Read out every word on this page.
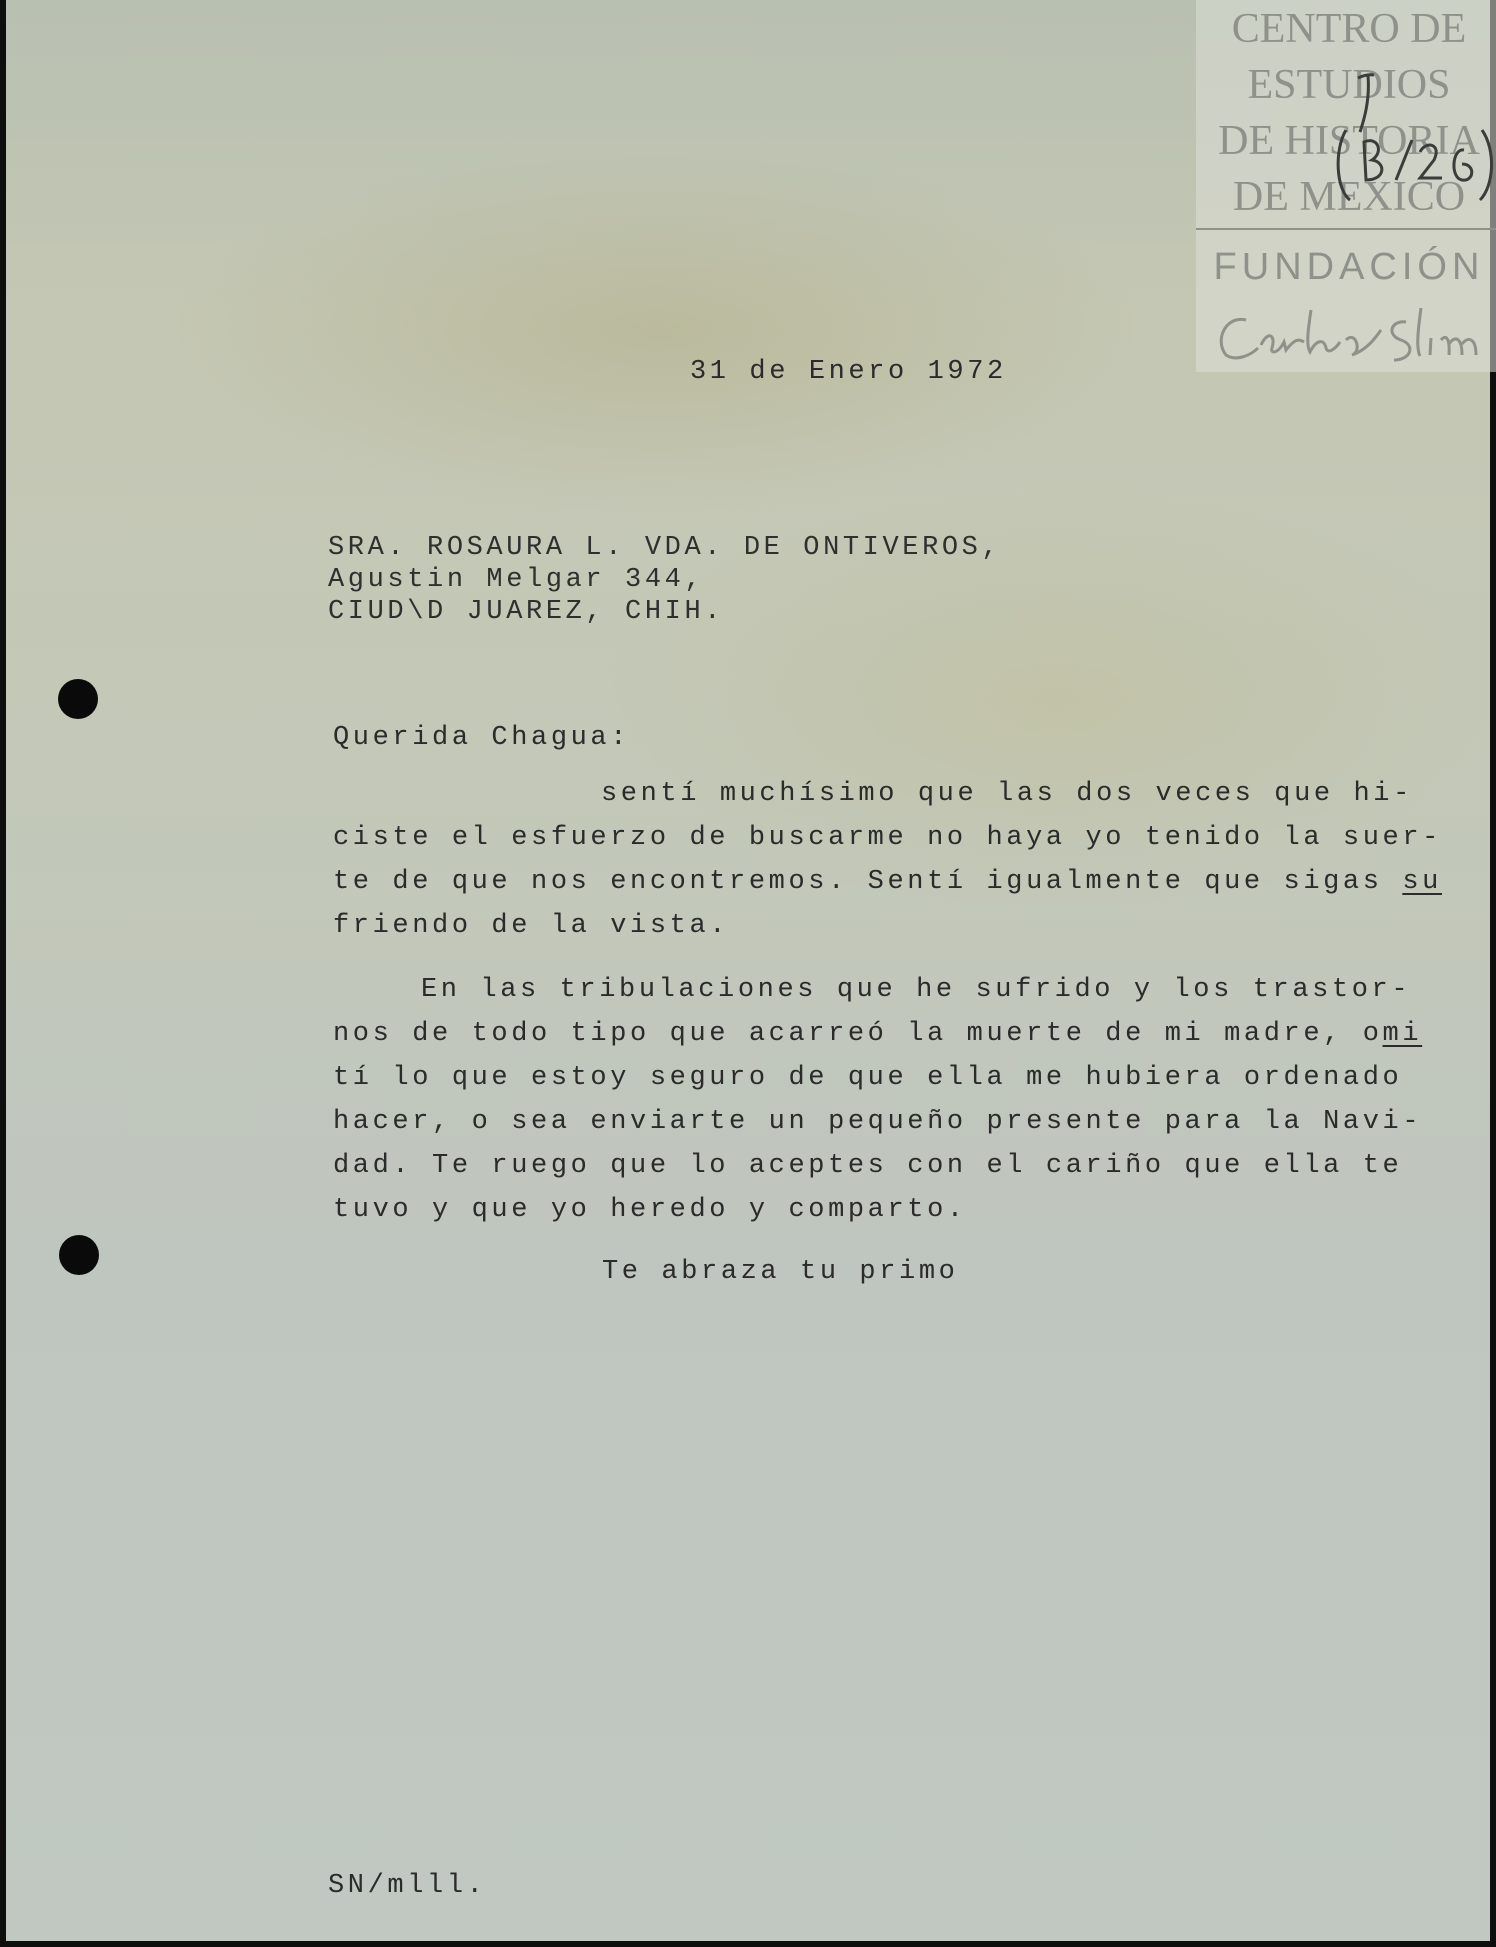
CENTRO DE
ESTUDIOS
DE HISTORIA
DE MEXICO
FUNDACIÓN
31 de Enero 1972
SRA. ROSAURA L. VDA. DE ONTIVEROS,
Agustin Melgar 344,
CIUD\D JUAREZ, CHIH.
Querida Chagua:
sentí muchísimo que las dos veces que hi-
ciste el esfuerzo de buscarme no haya yo tenido la suer-
te de que nos encontremos. Sentí igualmente que sigas su
friendo de la vista.
En las tribulaciones que he sufrido y los trastor-
nos de todo tipo que acarreó la muerte de mi madre, omi
tí lo que estoy seguro de que ella me hubiera ordenado
hacer, o sea enviarte un pequeño presente para la Navi-
dad. Te ruego que lo aceptes con el cariño que ella te
tuvo y que yo heredo y comparto.
Te abraza tu primo
SN/mlll.
